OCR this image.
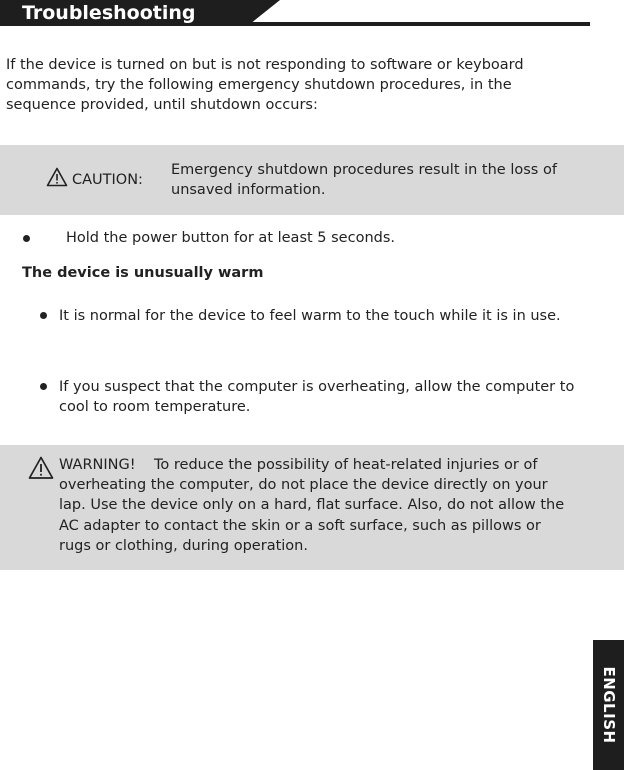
Troubleshooting

If the device is turned on but is not responding to software or keyboard commands, try the following emergency shutdown procedures, in the sequence provided, until shutdown occurs:

CAUTION:

Emergency shutdown procedures result in the loss of unsaved information.

Hold the power button for at least 5 seconds.

The device is unusually warm

It is normal for the device to feel warm to the touch while it is in use.
If you suspect that the computer is overheating, allow the computer to cool to room temperature.

WARNING! To reduce the possibility of heat-related injuries or of overheating the computer, do not place the device directly on your lap. Use the device only on a hard, flat surface. Also, do not allow the AC adapter to contact the skin or a soft surface, such as pillows or rugs or clothing, during operation.

ENGLISH
